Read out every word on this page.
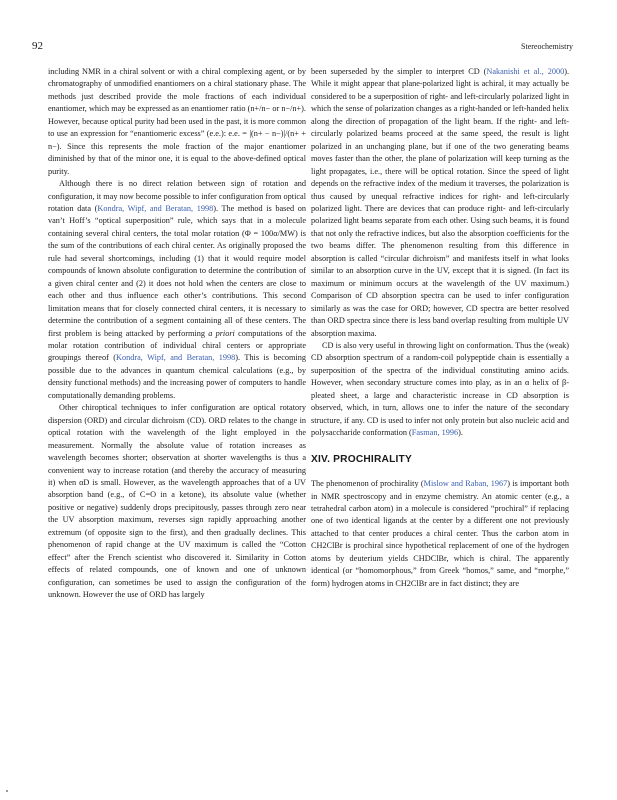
92	Stereochemistry

including NMR in a chiral solvent or with a chiral complexing agent, or by chromatography of unmodified enantiomers on a chiral stationary phase. The methods just described provide the mole fractions of each individual enantiomer, which may be expressed as an enantiomer ratio (n+/n− or n−/n+). However, because optical purity had been used in the past, it is more common to use an expression for “enantiomeric excess” (e.e.): e.e. = |(n+ − n−)|/(n+ + n−). Since this represents the mole fraction of the major enantiomer diminished by that of the minor one, it is equal to the above-defined optical purity.

Although there is no direct relation between sign of rotation and configuration, it may now become possible to infer configuration from optical rotation data (Kondra, Wipf, and Beratan, 1998). The method is based on van’t Hoff’s “optical superposition” rule, which says that in a molecule containing several chiral centers, the total molar rotation (Φ = 100α/MW) is the sum of the contributions of each chiral center. As originally proposed the rule had several shortcomings, including (1) that it would require model compounds of known absolute configuration to determine the contribution of a given chiral center and (2) it does not hold when the centers are close to each other and thus influence each other’s contributions. This second limitation means that for closely connected chiral centers, it is necessary to determine the contribution of a segment containing all of these centers. The first problem is being attacked by performing a priori computations of the molar rotation contribution of individual chiral centers or appropriate groupings thereof (Kondra, Wipf, and Beratan, 1998). This is becoming possible due to the advances in quantum chemical calculations (e.g., by density functional methods) and the increasing power of computers to handle computationally demanding problems.

Other chiroptical techniques to infer configuration are optical rotatory dispersion (ORD) and circular dichroism (CD). ORD relates to the change in optical rotation with the wavelength of the light employed in the measurement. Normally the absolute value of rotation increases as wavelength becomes shorter; observation at shorter wavelengths is thus a convenient way to increase rotation (and thereby the accuracy of measuring it) when αD is small. However, as the wavelength approaches that of a UV absorption band (e.g., of C=O in a ketone), its absolute value (whether positive or negative) suddenly drops precipitously, passes through zero near the UV absorption maximum, reverses sign rapidly approaching another extremum (of opposite sign to the first), and then gradually declines. This phenomenon of rapid change at the UV maximum is called the “Cotton effect” after the French scientist who discovered it. Similarity in Cotton effects of related compounds, one of known and one of unknown configuration, can sometimes be used to assign the configuration of the unknown. However the use of ORD has largely

been superseded by the simpler to interpret CD (Nakanishi et al., 2000). While it might appear that plane-polarized light is achiral, it may actually be considered to be a superposition of right- and left-circularly polarized light in which the sense of polarization changes as a right-handed or left-handed helix along the direction of propagation of the light beam. If the right- and left-circularly polarized beams proceed at the same speed, the result is light polarized in an unchanging plane, but if one of the two generating beams moves faster than the other, the plane of polarization will keep turning as the light propagates, i.e., there will be optical rotation. Since the speed of light depends on the refractive index of the medium it traverses, the polarization is thus caused by unequal refractive indices for right- and left-circularly polarized light. There are devices that can produce right- and left-circularly polarized light beams separate from each other. Using such beams, it is found that not only the refractive indices, but also the absorption coefficients for the two beams differ. The phenomenon resulting from this difference in absorption is called “circular dichroism” and manifests itself in what looks similar to an absorption curve in the UV, except that it is signed. (In fact its maximum or minimum occurs at the wavelength of the UV maximum.) Comparison of CD absorption spectra can be used to infer configuration similarly as was the case for ORD; however, CD spectra are better resolved than ORD spectra since there is less band overlap resulting from multiple UV absorption maxima.

CD is also very useful in throwing light on conformation. Thus the (weak) CD absorption spectrum of a random-coil polypeptide chain is essentially a superposition of the spectra of the individual constituting amino acids. However, when secondary structure comes into play, as in an α helix of β-pleated sheet, a large and characteristic increase in CD absorption is observed, which, in turn, allows one to infer the nature of the secondary structure, if any. CD is used to infer not only protein but also nucleic acid and polysaccharide conformation (Fasman, 1996).

XIV. PROCHIRALITY

The phenomenon of prochirality (Mislow and Raban, 1967) is important both in NMR spectroscopy and in enzyme chemistry. An atomic center (e.g., a tetrahedral carbon atom) in a molecule is considered “prochiral” if replacing one of two identical ligands at the center by a different one not previously attached to that center produces a chiral center. Thus the carbon atom in CH2ClBr is prochiral since hypothetical replacement of one of the hydrogen atoms by deuterium yields CHDClBr, which is chiral. The apparently identical (or “homomorphous,” from Greek “homos,” same, and “morphe,” form) hydrogen atoms in CH2ClBr are in fact distinct; they are
